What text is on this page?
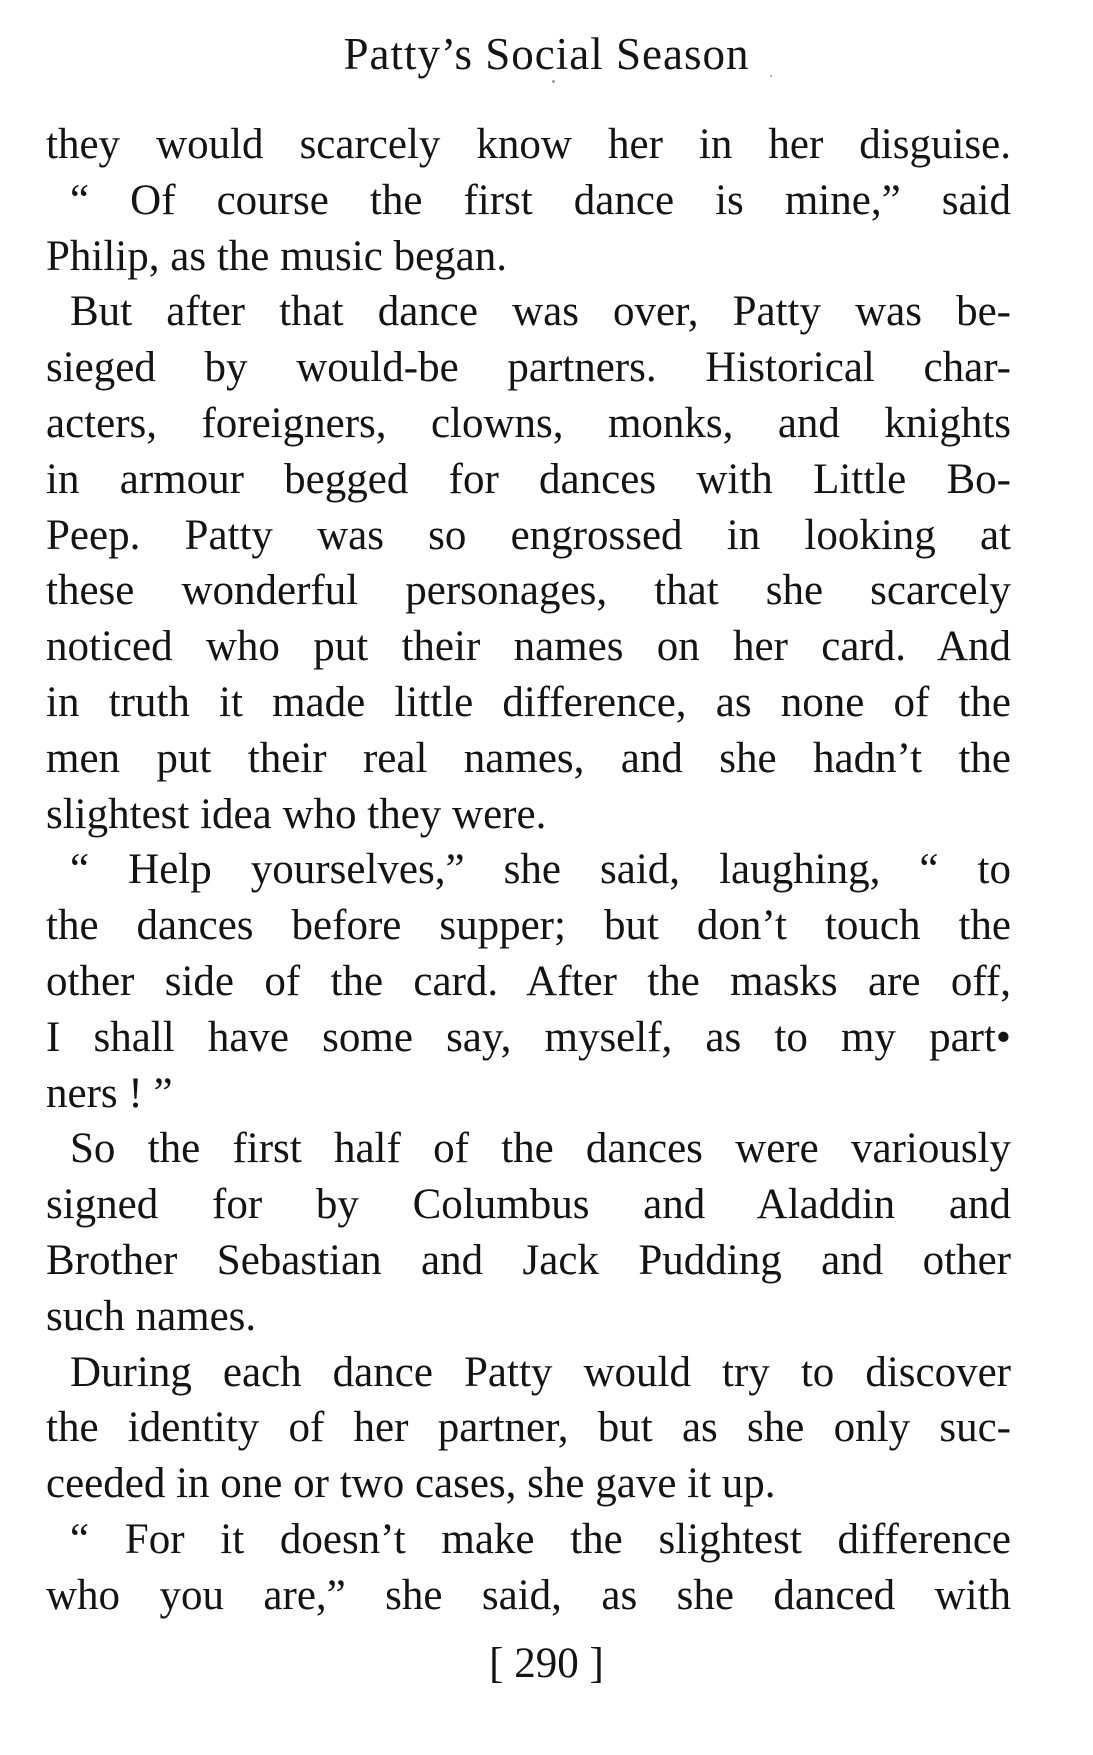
Patty’s Social Season
they would scarcely know her in her disguise.
“ Of course the first dance is mine,” said
Philip, as the music began.
But after that dance was over, Patty was be-
sieged by would-be partners. Historical char-
acters, foreigners, clowns, monks, and knights
in armour begged for dances with Little Bo-
Peep. Patty was so engrossed in looking at
these wonderful personages, that she scarcely
noticed who put their names on her card. And
in truth it made little difference, as none of the
men put their real names, and she hadn’t the
slightest idea who they were.
“ Help yourselves,” she said, laughing, “ to
the dances before supper; but don’t touch the
other side of the card. After the masks are off,
I shall have some say, myself, as to my part•
ners ! ”
So the first half of the dances were variously
signed for by Columbus and Aladdin and
Brother Sebastian and Jack Pudding and other
such names.
During each dance Patty would try to discover
the identity of her partner, but as she only suc-
ceeded in one or two cases, she gave it up.
“ For it doesn’t make the slightest difference
who you are,” she said, as she danced with
[ 290 ]
